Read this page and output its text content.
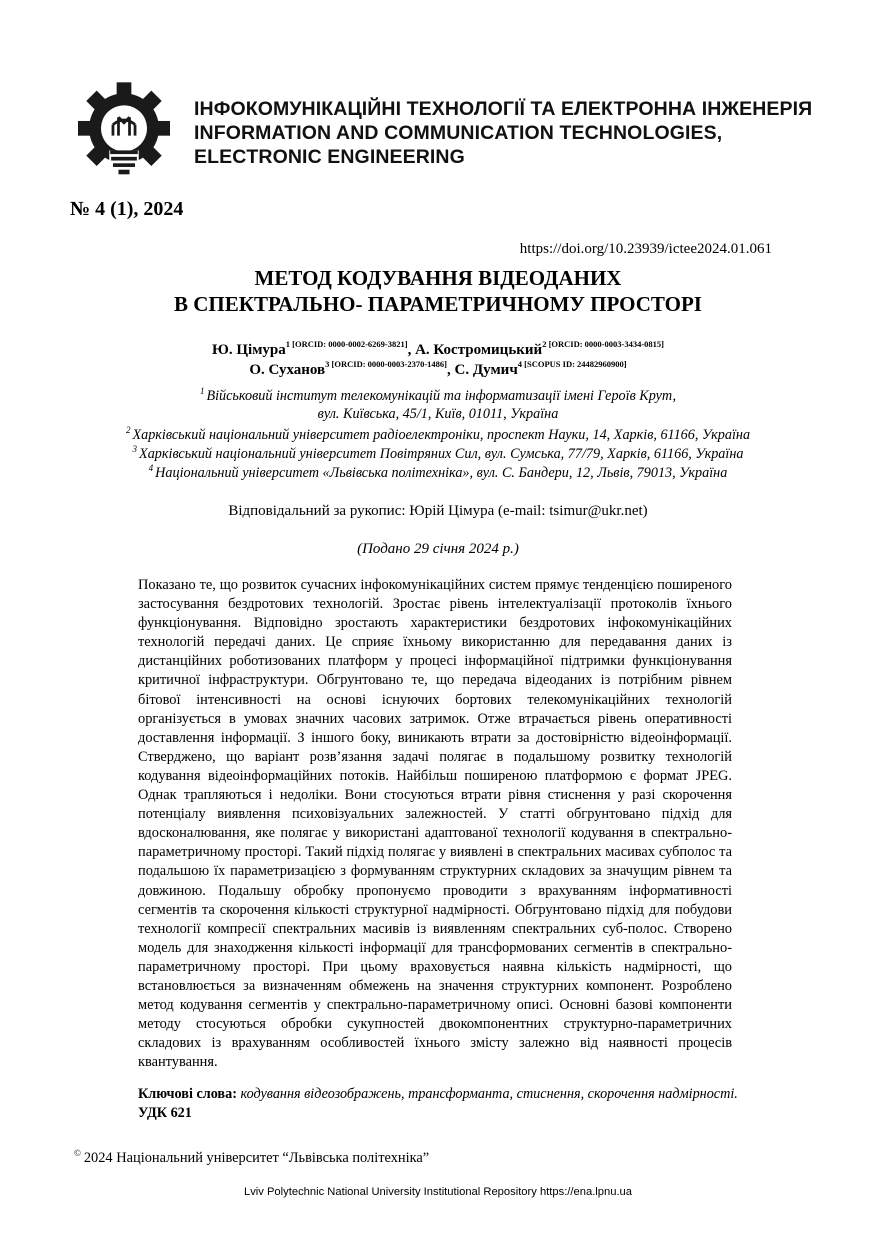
ІНФОКОМУНІКАЦІЙНІ ТЕХНОЛОГІЇ ТА ЕЛЕКТРОННА ІНЖЕНЕРІЯ
INFORMATION AND COMMUNICATION TECHNOLOGIES,
ELECTRONIC ENGINEERING
№ 4 (1), 2024
https://doi.org/10.23939/ictee2024.01.061
МЕТОД КОДУВАННЯ ВІДЕОДАНИХ
В СПЕКТРАЛЬНО- ПАРАМЕТРИЧНОМУ ПРОСТОРІ
Ю. Цімура$^{1 [ORCID: 0000-0002-6269-3821]}$, А. Костромицький$^{2 [ORCID: 0000-0003-3434-0815]}$
О. Суханов$^{3 [ORCID: 0000-0003-2370-1486]}$, С. Думич$^{4 [SCOPUS ID: 24482960900]}$
$^1$ Військовий інститут телекомунікацій та інформатизації імені Героїв Крут,
вул. Київська, 45/1, Київ, 01011, Україна
$^2$ Харківський національний університет радіоелектроніки, проспект Науки, 14, Харків, 61166, Україна
$^3$ Харківський національний університет Повітряних Сил, вул. Сумська, 77/79, Харків, 61166, Україна
$^4$ Національний університет «Львівська політехніка», вул. С. Бандери, 12, Львів, 79013, Україна
Відповідальний за рукопис: Юрій Цімура (e-mail: tsimur@ukr.net)
(Подано 29 січня 2024 р.)

Показано те, що розвиток сучасних інфокомунікаційних систем прямує тенденцією поширеного застосування бездротових технологій. Зростає рівень інтелектуалізації протоколів їхнього функціонування. Відповідно зростають характеристики бездротових інфокомунікаційних технологій передачі даних. Це сприяє їхньому використанню для передавання даних із дистанційних роботизованих платформ у процесі інформаційної підтримки функціонування критичної інфраструктури. Обгрунтовано те, що передача відеоданих із потрібним рівнем бітової інтенсивності на основі існуючих бортових телекомунікаційних технологій організується в умовах значних часових затримок. Отже втрачається рівень оперативності доставлення інформації. З іншого боку, виникають втрати за достовірністю відеоінформації. Стверджено, що варіант розв’язання задачі полягає в подальшому розвитку технологій кодування відеоінформаційних потоків. Найбільш поширеною платформою є формат JPEG. Однак трапляються і недоліки. Вони стосуються втрати рівня стиснення у разі скорочення потенціалу виявлення психовізуальних залежностей. У статті обгрунтовано підхід для вдосконалювання, яке полягає у використані адаптованої технології кодування в спектрально-параметричному просторі. Такий підхід полягає у виявлені в спектральних масивах субполос та подальшою їх параметризацією з формуванням структурних складових за значущим рівнем та довжиною. Подальшу обробку пропонуємо проводити з врахуванням інформативності сегментів та скорочення кількості структурної надмірності. Обгрунтовано підхід для побудови технології компресії спектральних масивів із виявленням спектральних суб-полос. Створено модель для знаходження кількості інформації для трансформованих сегментів в спектрально-параметричному просторі. При цьому враховується наявна кількість надмірності, що встановлюється за визначенням обмежень на значення структурних компонент. Розроблено метод кодування сегментів у спектрально-параметричному описі. Основні базові компоненти методу стосуються обробки сукупностей двокомпонентних структурно-параметричних складових із врахуванням особливостей їхнього змісту залежно від наявності процесів квантування.

Ключові слова: кодування відеозображень, трансформанта, стиснення, скорочення надмірності.
УДК 621
© 2024 Національний університет “Львівська політехніка”
Lviv Polytechnic National University Institutional Repository https://ena.lpnu.ua
